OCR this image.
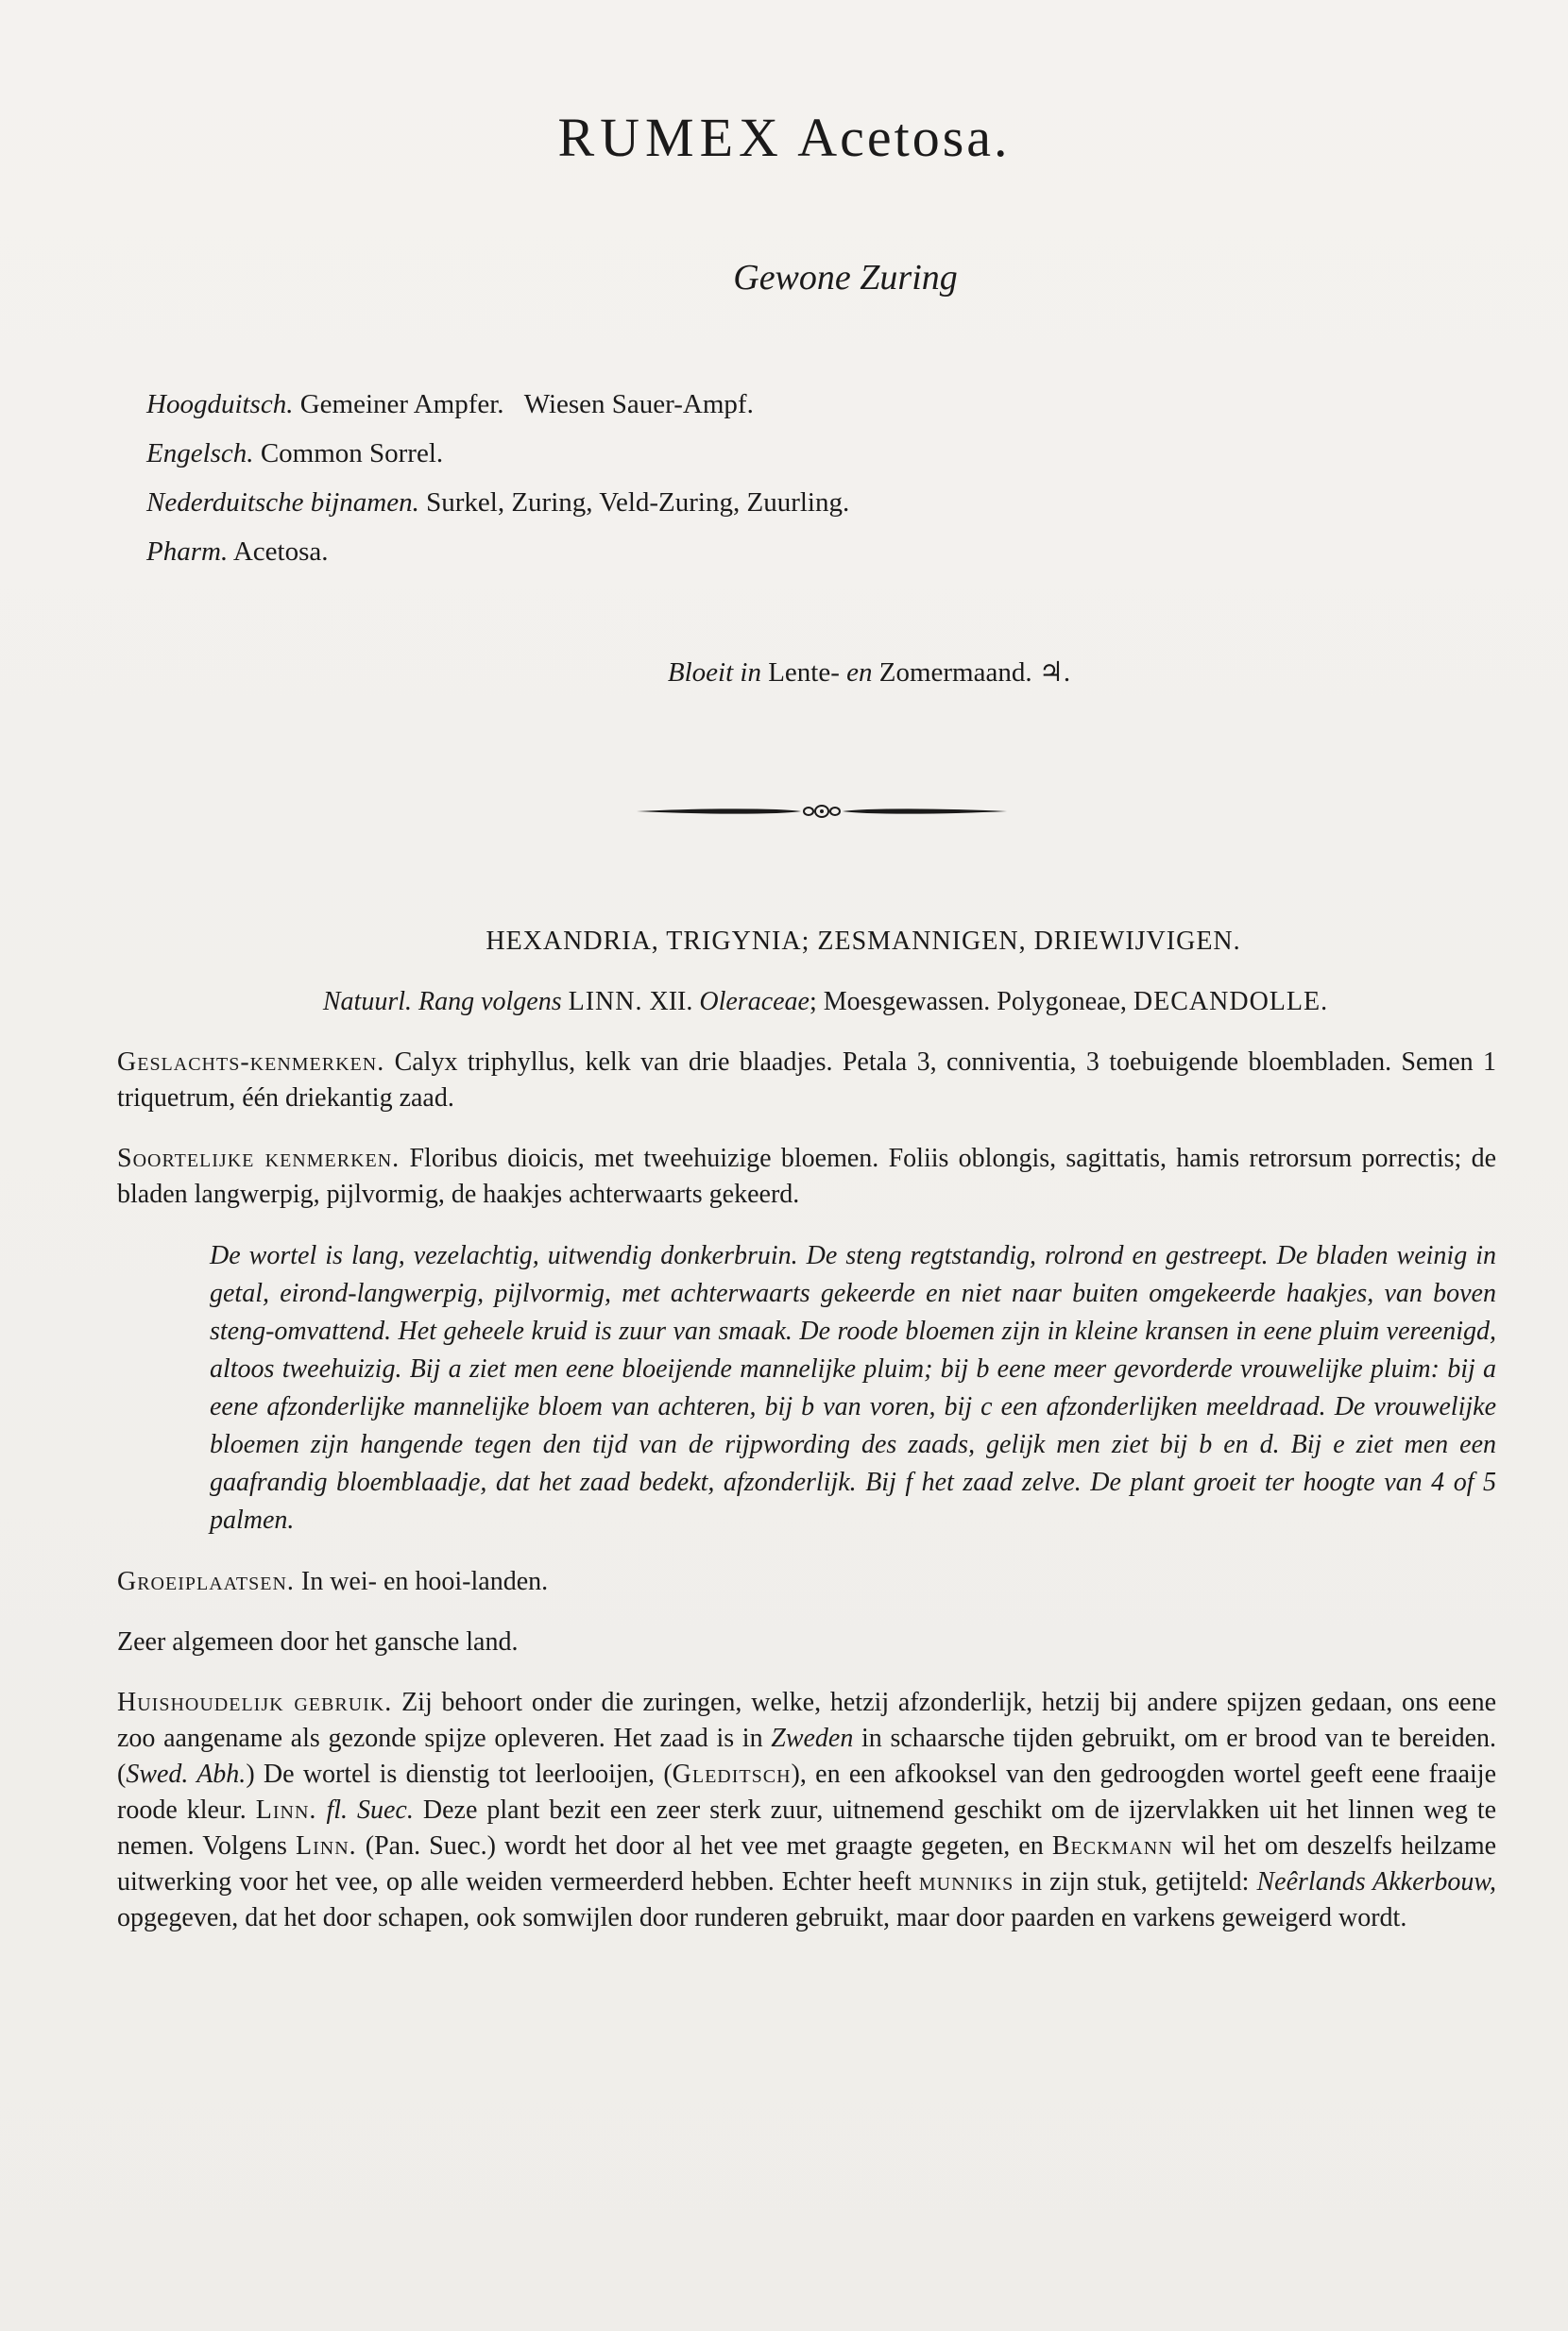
RUMEX Acetosa.
Gewone Zuring
Hoogduitsch. Gemeiner Ampfer.   Wiesen Sauer-Ampf.
Engelsch. Common Sorrel.
Nederduitsche bijnamen. Surkel, Zuring, Veld-Zuring, Zuurling.
Pharm. Acetosa.
Bloeit in Lente- en Zomermaand. ♃.
HEXANDRIA, TRIGYNIA; ZESMANNIGEN, DRIEWIJVIGEN.
Natuurl. Rang volgens LINN. XII. Oleraceae; Moesgewassen. Polygoneae, DECANDOLLE.
Geslachts-kenmerken. Calyx triphyllus, kelk van drie blaadjes. Petala 3, conniventia, 3 toebuigende bloembladen. Semen 1 triquetrum, één driekantig zaad.
Soortelijke kenmerken. Floribus dioicis, met tweehuizige bloemen. Foliis oblongis, sagittatis, hamis retrorsum porrectis; de bladen langwerpig, pijlvormig, de haakjes achterwaarts gekeerd.
De wortel is lang, vezelachtig, uitwendig donkerbruin. De steng regtstandig, rolrond en gestreept. De bladen weinig in getal, eirond-langwerpig, pijlvormig, met achterwaarts gekeerde en niet naar buiten omgekeerde haakjes, van boven steng-omvattend. Het geheele kruid is zuur van smaak. De roode bloemen zijn in kleine kransen in eene pluim vereenigd, altoos tweehuizig. Bij a ziet men eene bloeijende mannelijke pluim; bij b eene meer gevorderde vrouwelijke pluim: bij a eene afzonderlijke mannelijke bloem van achteren, bij b van voren, bij c een afzonderlijken meeldraad. De vrouwelijke bloemen zijn hangende tegen den tijd van de rijpwording des zaads, gelijk men ziet bij b en d. Bij e ziet men een gaafrandig bloemblaadje, dat het zaad bedekt, afzonderlijk. Bij f het zaad zelve. De plant groeit ter hoogte van 4 of 5 palmen.
Groeiplaatsen. In wei- en hooi-landen.
Zeer algemeen door het gansche land.
Huishoudelijk gebruik. Zij behoort onder die zuringen, welke, hetzij afzonderlijk, hetzij bij andere spijzen gedaan, ons eene zoo aangename als gezonde spijze opleveren. Het zaad is in Zweden in schaarsche tijden gebruikt, om er brood van te bereiden. (Swed. Abh.) De wortel is dienstig tot leerlooijen, (Gleditsch), en een afkooksel van den gedroogden wortel geeft eene fraaije roode kleur. Linn. fl. Suec. Deze plant bezit een zeer sterk zuur, uitnemend geschikt om de ijzervlakken uit het linnen weg te nemen. Volgens Linn. (Pan. Suec.) wordt het door al het vee met graagte gegeten, en Beckmann wil het om deszelfs heilzame uitwerking voor het vee, op alle weiden vermeerderd hebben. Echter heeft munniks in zijn stuk, getijteld: Neêrlands Akkerbouw, opgegeven, dat het door schapen, ook somwijlen door runderen gebruikt, maar door paarden en varkens geweigerd wordt.
